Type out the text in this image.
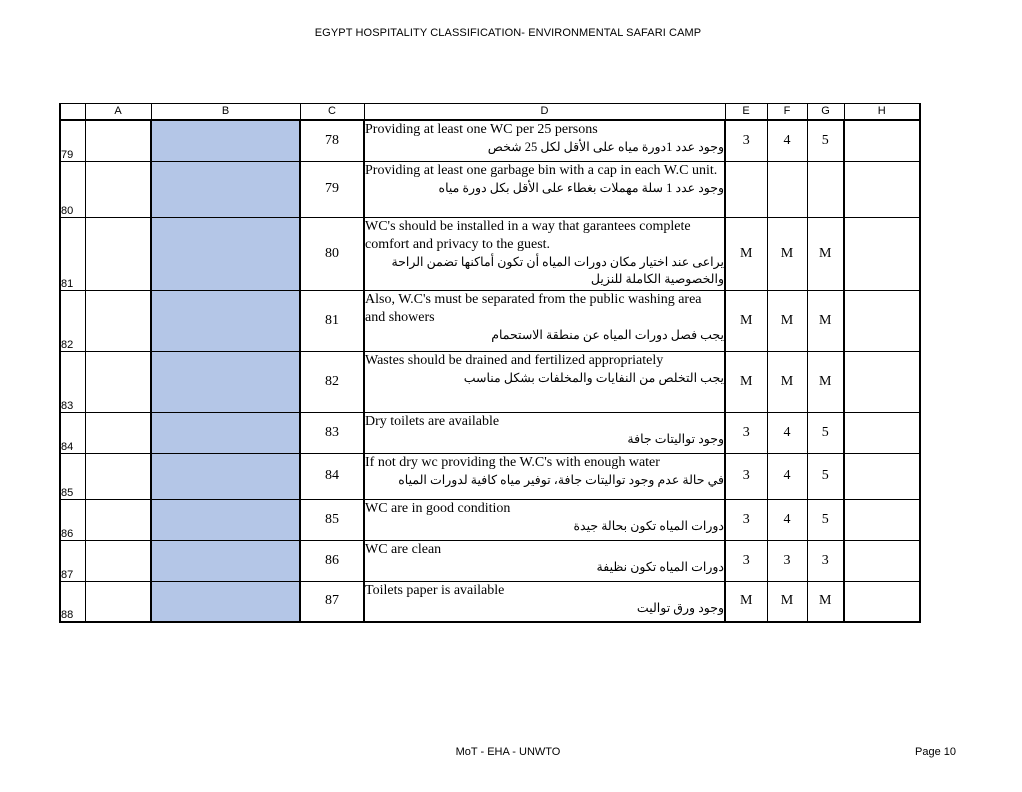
EGYPT HOSPITALITY CLASSIFICATION- ENVIRONMENTAL SAFARI CAMP
	A	B	C	D	E	F	G	H
79			78	Providing at least one WC per 25 persons
وجود عدد 1دورة مياه على الأقل لكل 25 شخص	3	4	5	
80			79	Providing at least one garbage bin with a cap in each W.C unit.
وجود عدد 1 سلة مهملات بغطاء على الأقل بكل دورة مياه				

81			80	WC's should be installed in a way that garantees complete comfort and privacy to the guest.
يراعى عند اختيار مكان دورات المياه أن تكون أماكنها تضمن الراحة والخصوصية الكاملة للنزيل	M	M	M	
82			81	Also, W.C's must be separated from the public washing area and showers
يجب فصل دورات المياه عن منطقة الاستحمام	M	M	M	
83			82	Wastes should be drained and fertilized appropriately
يجب التخلص من النفايات والمخلفات بشكل مناسب	M	M	M	
84			83	Dry toilets are available
وجود تواليتات جافة	3	4	5	
85			84	If not dry wc providing the W.C's with enough water
في حالة عدم وجود تواليتات جافة، توفير مياه كافية لدورات المياه	3	4	5	
86			85	WC are in good condition
دورات المياه تكون بحالة جيدة	3	4	5	
87			86	WC are clean
دورات المياه تكون نظيفة	3	3	3	
88			87	Toilets paper is available
وجود ورق تواليت	M	M	M	
MoT - EHA - UNWTO	Page 10
